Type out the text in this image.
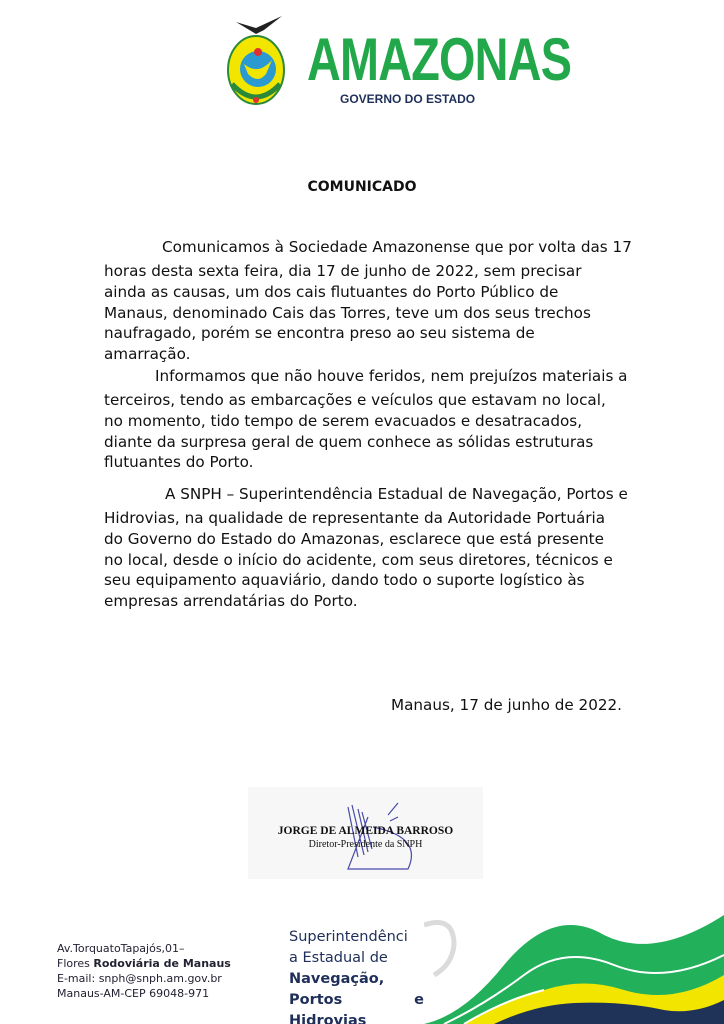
AMAZONAS
GOVERNO DO ESTADO
COMUNICADO
Comunicamos à Sociedade Amazonense que por volta das 17
horas desta sexta feira, dia 17 de junho de 2022, sem precisar
ainda as causas, um dos cais flutuantes do Porto Público de
Manaus, denominado Cais das Torres, teve um dos seus trechos
naufragado, porém se encontra preso ao seu sistema de
amarração.
Informamos que não houve feridos, nem prejuízos materiais a
terceiros, tendo as embarcações e veículos que estavam no local,
no momento, tido tempo de serem evacuados e desatracados,
diante da surpresa geral de quem conhece as sólidas estruturas
flutuantes do Porto.
A SNPH – Superintendência Estadual de Navegação, Portos e
Hidrovias, na qualidade de representante da Autoridade Portuária
do Governo do Estado do Amazonas, esclarece que está presente
no local, desde o início do acidente, com seus diretores, técnicos e
seu equipamento aquaviário, dando todo o suporte logístico às
empresas arrendatárias do Porto.
Manaus, 17 de junho de 2022.
JORGE DE ALMEIDA BARROSO
Diretor-Presidente da SNPH
Av.TorquatoTapajós,01–
Flores Rodoviária de Manaus
E-mail: snph@snph.am.gov.br
Manaus-AM-CEP 69048-971
Superintendênci
a Estadual de
Navegação,
Portos	e
Hidrovias
